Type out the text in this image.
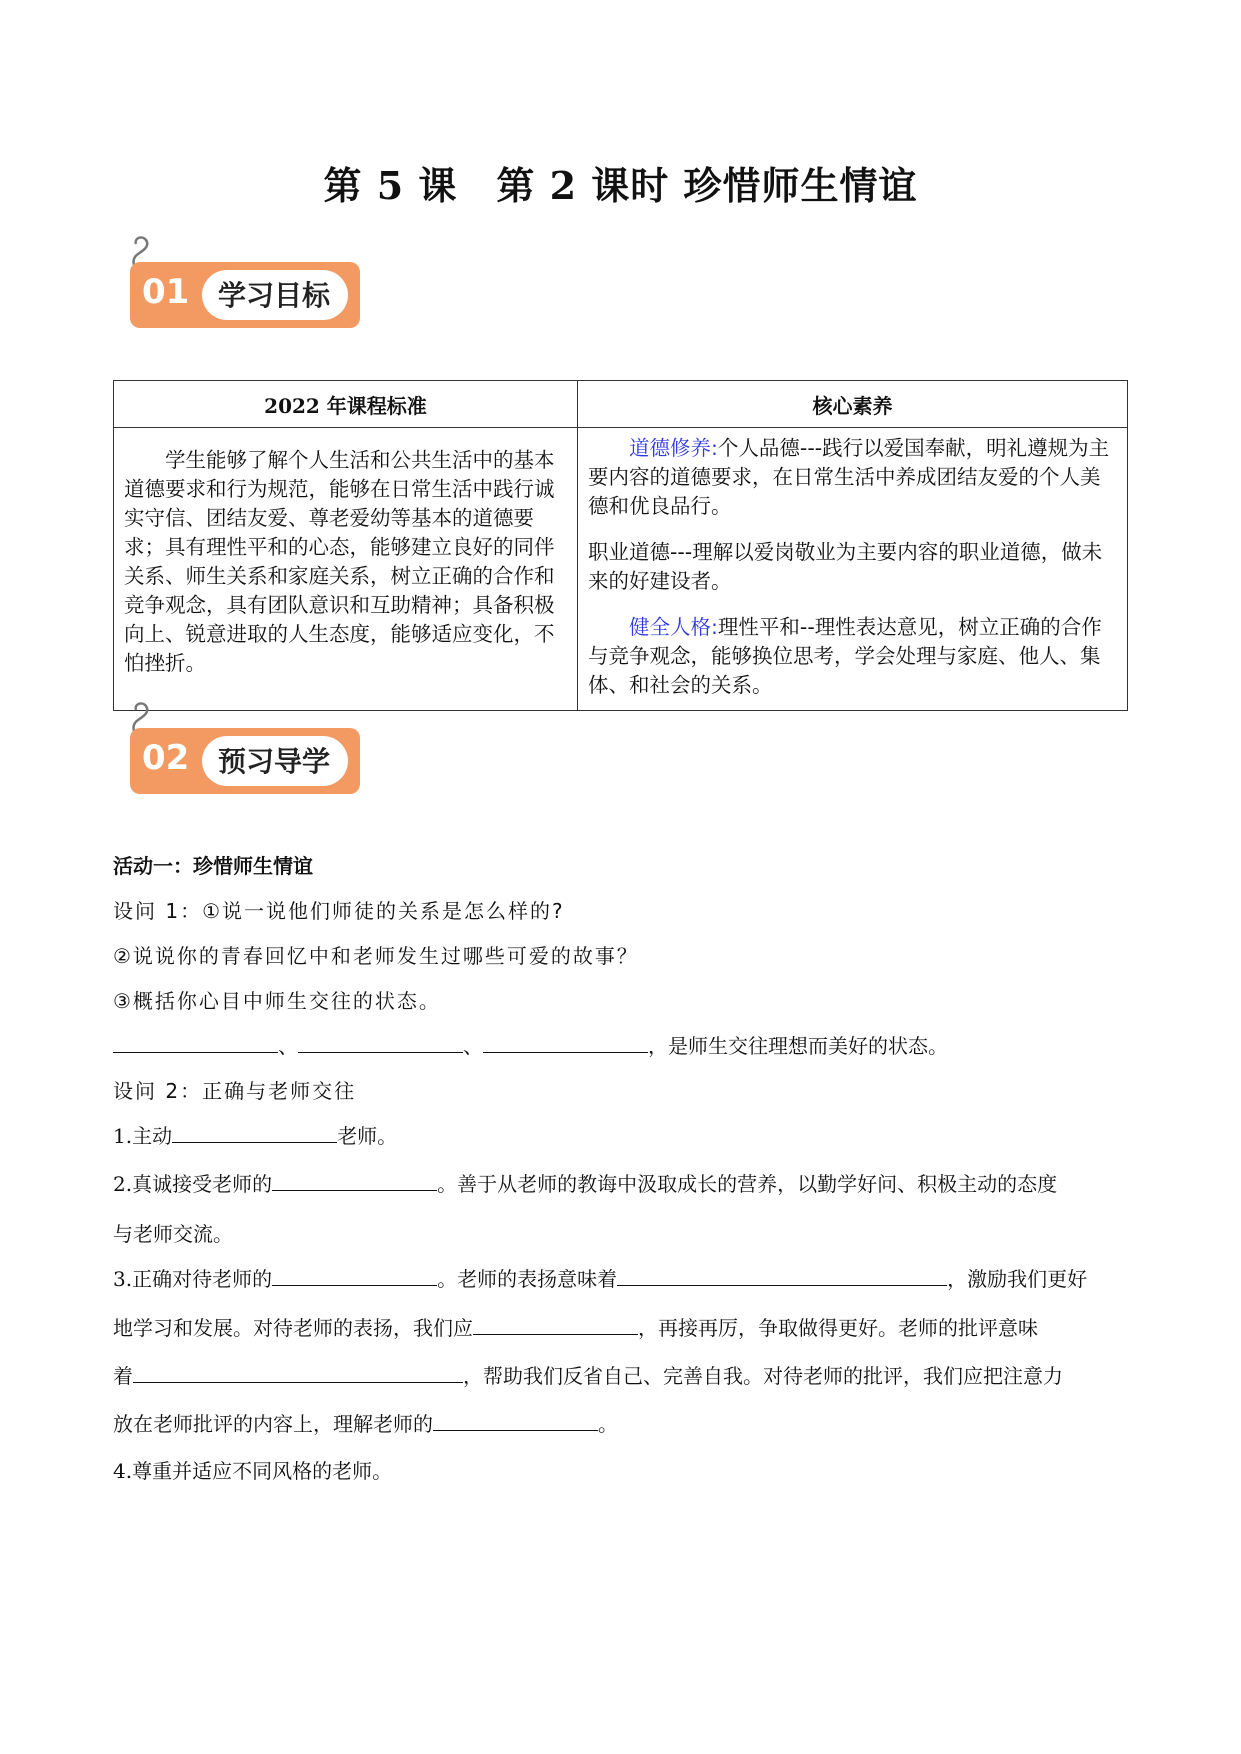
第 5 课　第 2 课时 珍惜师生情谊
01 学习目标
2022 年课程标准	核心素养

学生能够了解个人生活和公共生活中的基本道德要求和行为规范，能够在日常生活中践行诚实守信、团结友爱、尊老爱幼等基本的道德要求；具有理性平和的心态，能够建立良好的同伴关系、师生关系和家庭关系，树立正确的合作和竞争观念，具有团队意识和互助精神；具备积极向上、锐意进取的人生态度，能够适应变化，不怕挫折。	道德修养:个人品德---践行以爱国奉献，明礼遵规为主要内容的道德要求，在日常生活中养成团结友爱的个人美德和优良品行。

职业道德---理解以爱岗敬业为主要内容的职业道德，做未来的好建设者。

健全人格:理性平和--理性表达意见，树立正确的合作与竞争观念，能够换位思考，学会处理与家庭、他人、集体、和社会的关系。

02 预习导学
活动一：珍惜师生情谊
设问 1：①说一说他们师徒的关系是怎么样的?
②说说你的青春回忆中和老师发生过哪些可爱的故事？
③概括你心目中师生交往的状态。
、	、	，是师生交往理想而美好的状态。
设问 2：正确与老师交往
1.主动	老师。
2.真诚接受老师的	。善于从老师的教诲中汲取成长的营养，以勤学好问、积极主动的态度
与老师交流。
3.正确对待老师的	。老师的表扬意味着	，激励我们更好
地学习和发展。对待老师的表扬，我们应	，再接再厉，争取做得更好。老师的批评意味
着	，帮助我们反省自己、完善自我。对待老师的批评，我们应把注意力
放在老师批评的内容上，理解老师的	。
4.尊重并适应不同风格的老师。
